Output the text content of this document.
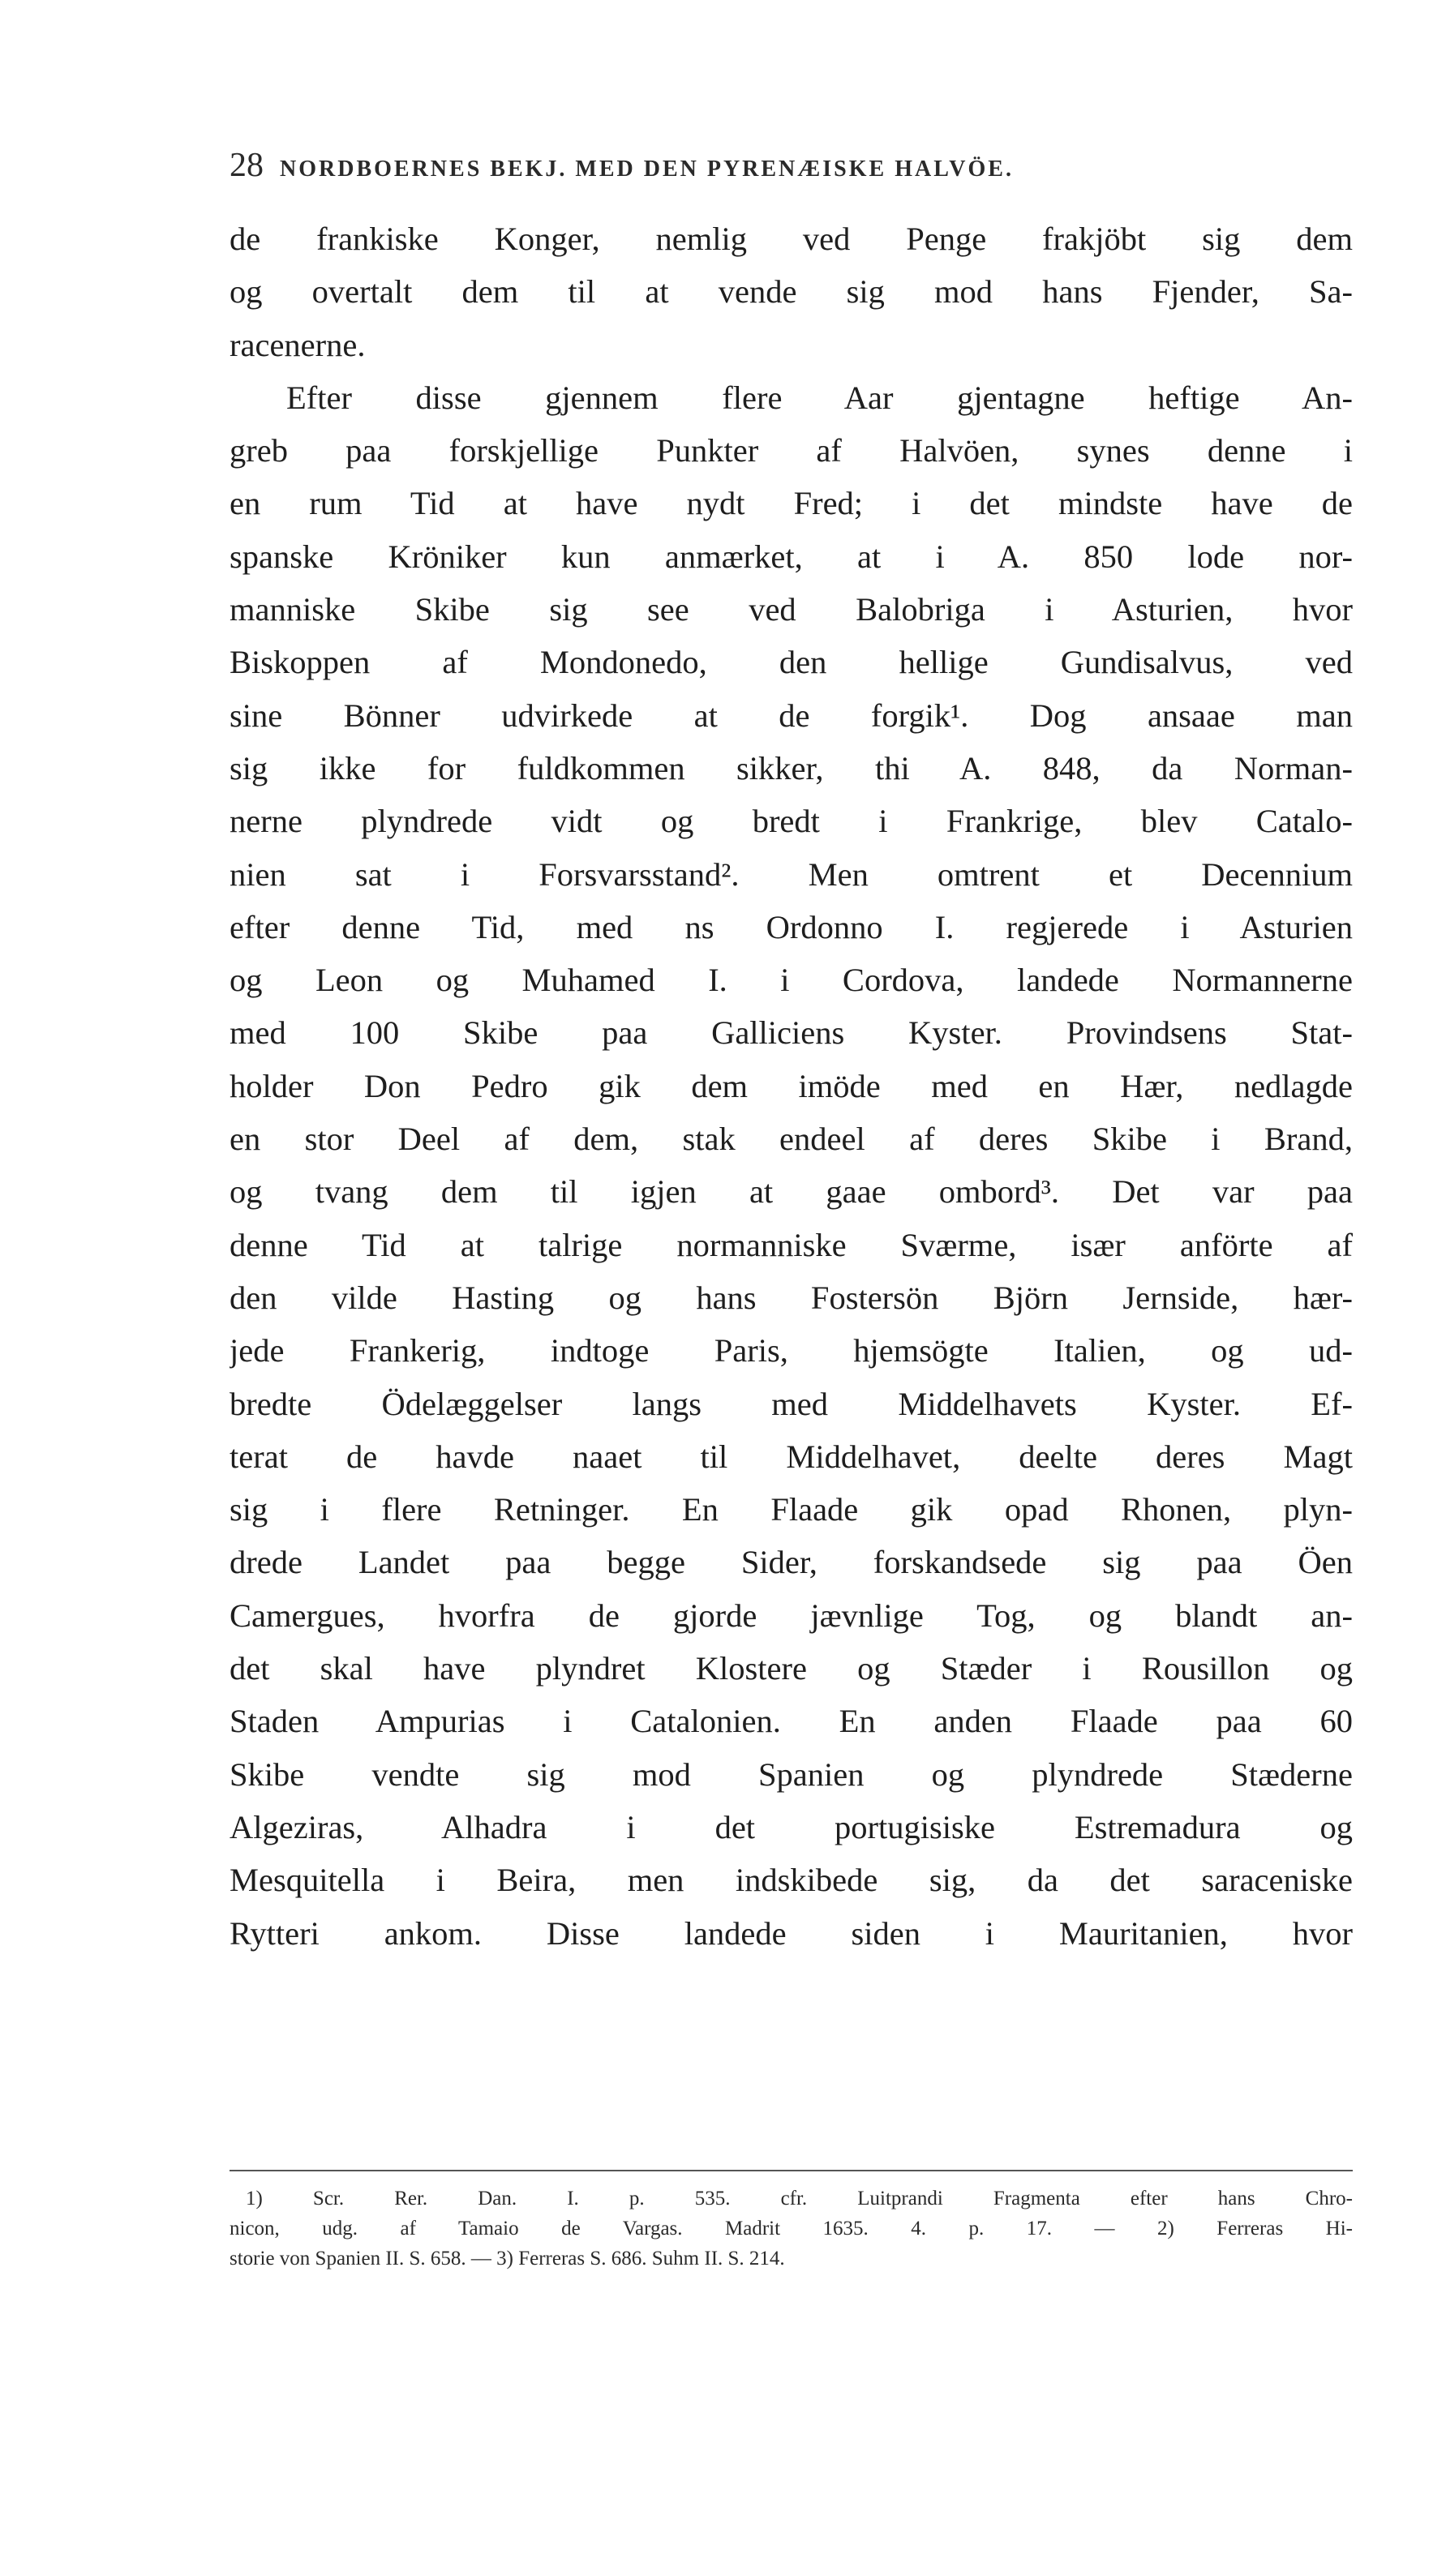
28 NORDBOERNES BEKJ. MED DEN PYRENÆISKE HALVÖE.
de frankiske Konger, nemlig ved Penge frakjöbt sig dem
og overtalt dem til at vende sig mod hans Fjender, Sa-
racenerne.
Efter disse gjennem flere Aar gjentagne heftige An-
greb paa forskjellige Punkter af Halvöen, synes denne i
en rum Tid at have nydt Fred; i det mindste have de
spanske Kröniker kun anmærket, at i A. 850 lode nor-
manniske Skibe sig see ved Balobriga i Asturien, hvor
Biskoppen af Mondonedo, den hellige Gundisalvus, ved
sine Bönner udvirkede at de forgik¹. Dog ansaae man
sig ikke for fuldkommen sikker, thi A. 848, da Norman-
nerne plyndrede vidt og bredt i Frankrige, blev Catalo-
nien sat i Forsvarsstand². Men omtrent et Decennium
efter denne Tid, med ns Ordonno I. regjerede i Asturien
og Leon og Muhamed I. i Cordova, landede Normannerne
med 100 Skibe paa Galliciens Kyster. Provindsens Stat-
holder Don Pedro gik dem imöde med en Hær, nedlagde
en stor Deel af dem, stak endeel af deres Skibe i Brand,
og tvang dem til igjen at gaae ombord³. Det var paa
denne Tid at talrige normanniske Sværme, især anförte af
den vilde Hasting og hans Fostersön Björn Jernside, hær-
jede Frankerig, indtoge Paris, hjemsögte Italien, og ud-
bredte Ödelæggelser langs med Middelhavets Kyster. Ef-
terat de havde naaet til Middelhavet, deelte deres Magt
sig i flere Retninger. En Flaade gik opad Rhonen, plyn-
drede Landet paa begge Sider, forskandsede sig paa Öen
Camergues, hvorfra de gjorde jævnlige Tog, og blandt an-
det skal have plyndret Klostere og Stæder i Rousillon og
Staden Ampurias i Catalonien. En anden Flaade paa 60
Skibe vendte sig mod Spanien og plyndrede Stæderne
Algeziras, Alhadra i det portugisiske Estremadura og
Mesquitella i Beira, men indskibede sig, da det saraceniske
Rytteri ankom. Disse landede siden i Mauritanien, hvor
1) Scr. Rer. Dan. I. p. 535. cfr. Luitprandi Fragmenta efter hans Chro-
nicon, udg. af Tamaio de Vargas. Madrit 1635. 4. p. 17. — 2) Ferreras Hi-
storie von Spanien II. S. 658. — 3) Ferreras S. 686. Suhm II. S. 214.
